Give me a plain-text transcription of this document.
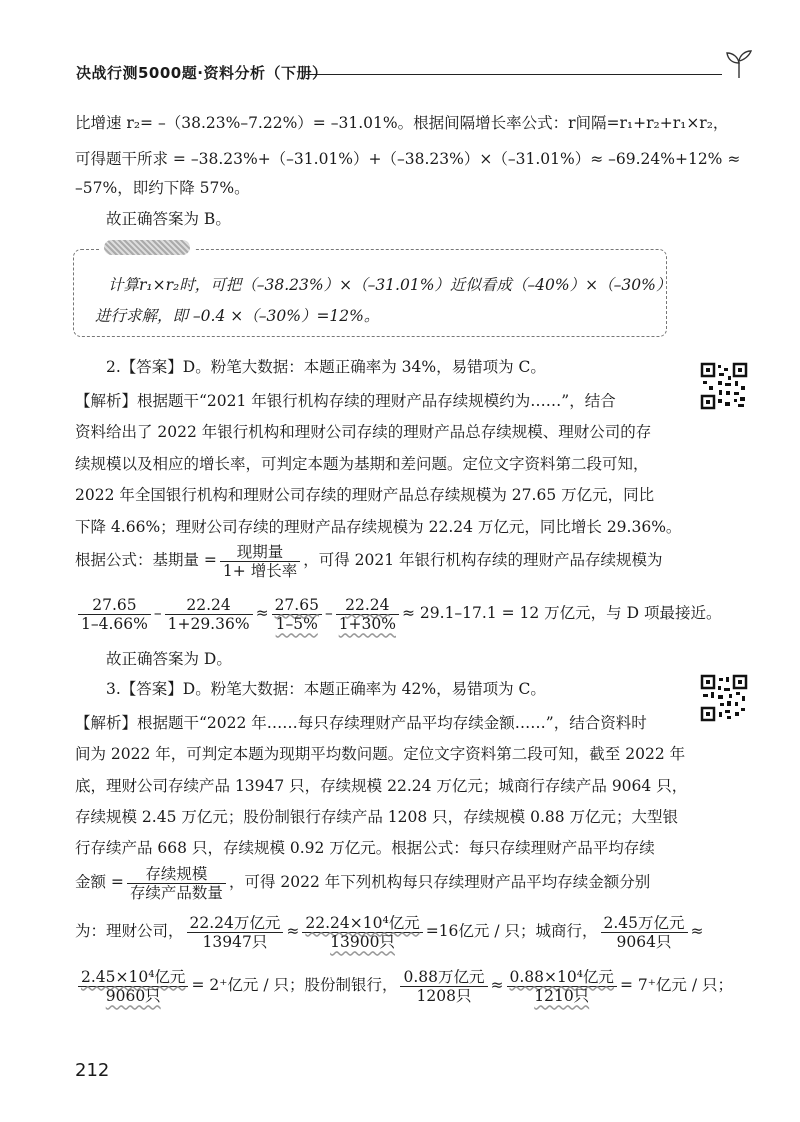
决战行测5000题·资料分析（下册）
比增速 r₂= –（38.23%–7.22%）= –31.01%。根据间隔增长率公式：r间隔=r₁+r₂+r₁×r₂，
可得题干所求 = –38.23%+（–31.01%）+（–38.23%）×（–31.01%）≈ –69.24%+12% ≈
–57%，即约下降 57%。
故正确答案为 B。
计算r₁×r₂时，可把（–38.23%）×（–31.01%）近似看成（–40%）×（–30%）
进行求解，即 –0.4 ×（–30%）=12%。
2.【答案】D。粉笔大数据：本题正确率为 34%，易错项为 C。
【解析】根据题干“2021 年银行机构存续的理财产品存续规模约为……”，结合
资料给出了 2022 年银行机构和理财公司存续的理财产品总存续规模、理财公司的存
续规模以及相应的增长率，可判定本题为基期和差问题。定位文字资料第二段可知，
2022 年全国银行机构和理财公司存续的理财产品总存续规模为 27.65 万亿元，同比
下降 4.66%；理财公司存续的理财产品存续规模为 22.24 万亿元，同比增长 29.36%。
根据公式：基期量 = $\frac{\text{现期量}}{\text{1+ 增长率}}$ ，可得 2021 年银行机构存续的理财产品存续规模为
$\frac{27.65}{1-4.66\%} - \frac{22.24}{1+29.36\%} \approx \frac{27.65}{1-5\%} - \frac{22.24}{1+30\%} \approx 29.1-17.1 = 12$ 万亿元，与 D 项最接近。
故正确答案为 D。
3.【答案】D。粉笔大数据：本题正确率为 42%，易错项为 C。
【解析】根据题干“2022 年……每只存续理财产品平均存续金额……”，结合资料时
间为 2022 年，可判定本题为现期平均数问题。定位文字资料第二段可知，截至 2022 年
底，理财公司存续产品 13947 只，存续规模 22.24 万亿元；城商行存续产品 9064 只，
存续规模 2.45 万亿元；股份制银行存续产品 1208 只，存续规模 0.88 万亿元；大型银
行存续产品 668 只，存续规模 0.92 万亿元。根据公式：每只存续理财产品平均存续
金额 = $\frac{\text{存续规模}}{\text{存续产品数量}}$ ，可得 2022 年下列机构每只存续理财产品平均存续金额分别
为：理财公司， $\frac{\text{22.24万亿元}}{\text{13947只}} \approx \frac{\text{22.24×10⁴亿元}}{\text{13900只}} =16$亿元 / 只；城商行， $\frac{\text{2.45万亿元}}{\text{9064只}}$ ≈
$\frac{\text{2.45×10⁴亿元}}{\text{9060只}} = 2^+$亿元 / 只；股份制银行， $\frac{\text{0.88万亿元}}{\text{1208只}} \approx \frac{\text{0.88×10⁴亿元}}{\text{1210只}} = 7^+$亿元 / 只；
212
